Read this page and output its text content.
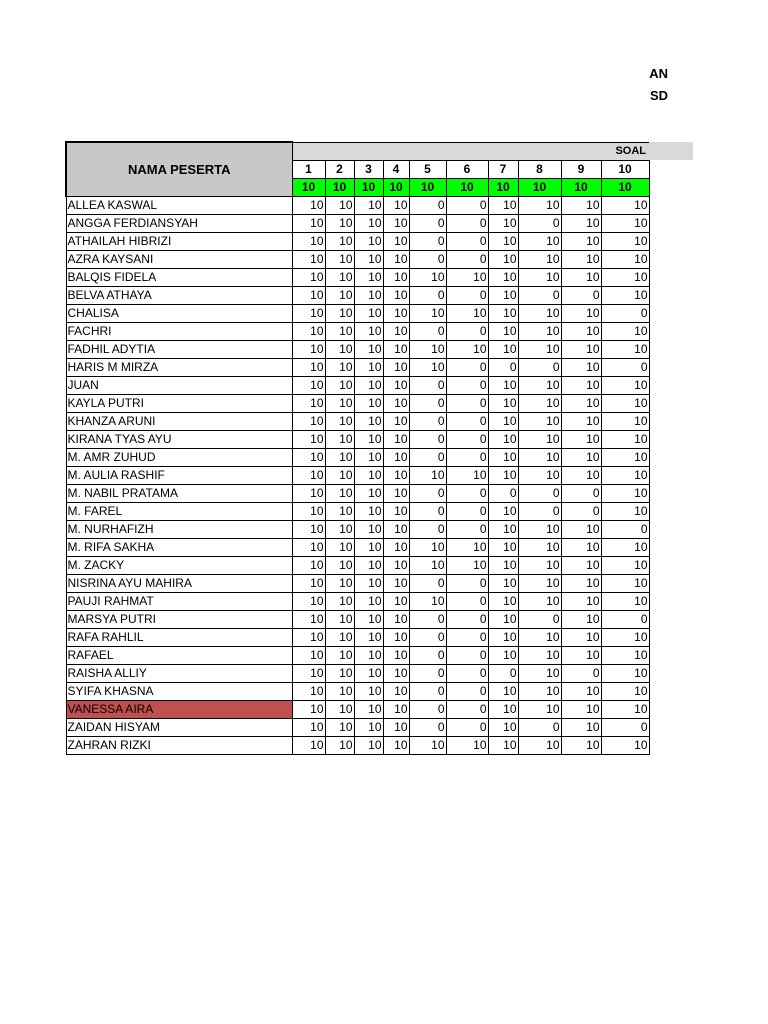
AN
SD
NAMA PESERTA	SOAL										
	1	2	3	4	5	6	7	8	9	10	
	10	10	10	10	10	10	10	10	10	10	
ALLEA KASWAL	10	10	10	10	0	0	10	10	10	10	
ANGGA FERDIANSYAH	10	10	10	10	0	0	10	0	10	10	
ATHAILAH HIBRIZI	10	10	10	10	0	0	10	10	10	10	
AZRA KAYSANI	10	10	10	10	0	0	10	10	10	10	
BALQIS FIDELA	10	10	10	10	10	10	10	10	10	10	
BELVA ATHAYA	10	10	10	10	0	0	10	0	0	10	
CHALISA	10	10	10	10	10	10	10	10	10	0	
FACHRI	10	10	10	10	0	0	10	10	10	10	
FADHIL ADYTIA	10	10	10	10	10	10	10	10	10	10	
HARIS M MIRZA	10	10	10	10	10	0	0	0	10	0	
JUAN	10	10	10	10	0	0	10	10	10	10	
KAYLA PUTRI	10	10	10	10	0	0	10	10	10	10	
KHANZA ARUNI	10	10	10	10	0	0	10	10	10	10	
KIRANA TYAS AYU	10	10	10	10	0	0	10	10	10	10	
M. AMR ZUHUD	10	10	10	10	0	0	10	10	10	10	
M. AULIA RASHIF	10	10	10	10	10	10	10	10	10	10	
M. NABIL PRATAMA	10	10	10	10	0	0	0	0	0	10	
M. FAREL	10	10	10	10	0	0	10	0	0	10	
M. NURHAFIZH	10	10	10	10	0	0	10	10	10	0	
M. RIFA SAKHA	10	10	10	10	10	10	10	10	10	10	
M. ZACKY	10	10	10	10	10	10	10	10	10	10	
NISRINA AYU MAHIRA	10	10	10	10	0	0	10	10	10	10	
PAUJI RAHMAT	10	10	10	10	10	0	10	10	10	10	
MARSYA PUTRI	10	10	10	10	0	0	10	0	10	0	
RAFA RAHLIL	10	10	10	10	0	0	10	10	10	10	
RAFAEL	10	10	10	10	0	0	10	10	10	10	
RAISHA ALLIY	10	10	10	10	0	0	0	10	0	10	
SYIFA KHASNA	10	10	10	10	0	0	10	10	10	10	
VANESSA AIRA	10	10	10	10	0	0	10	10	10	10	
ZAIDAN HISYAM	10	10	10	10	0	0	10	0	10	0	
ZAHRAN RIZKI	10	10	10	10	10	10	10	10	10	10	
